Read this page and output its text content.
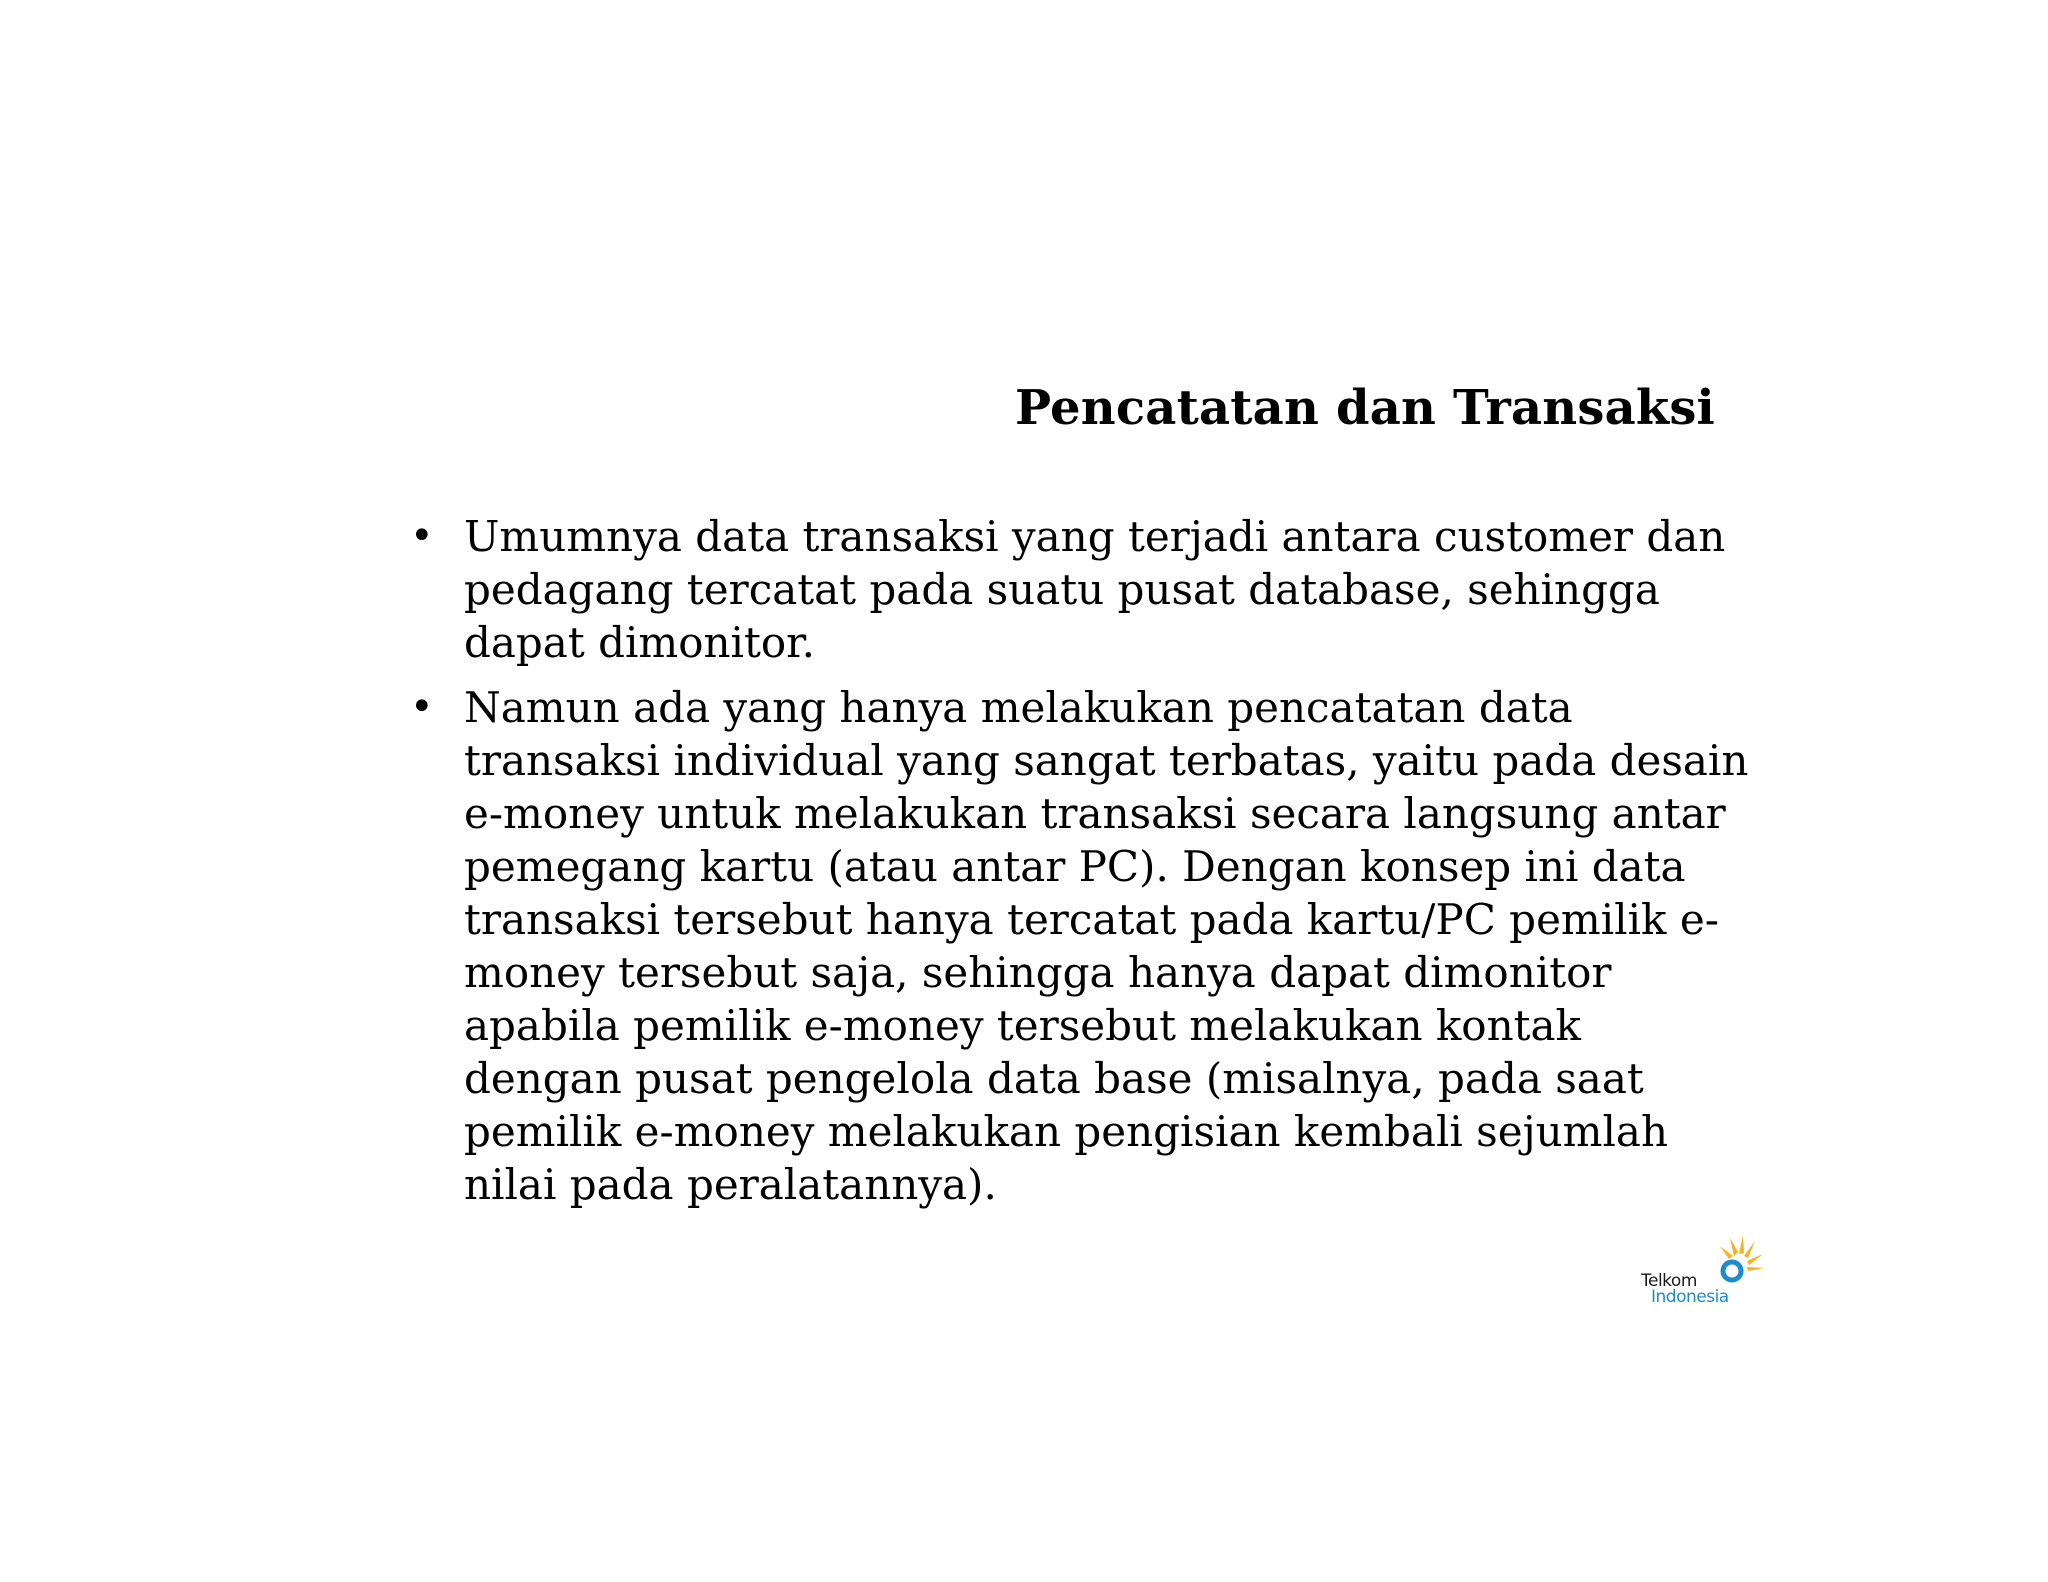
Pencatatan dan Transaksi
• Umumnya data transaksi yang terjadi antara customer dan
pedagang tercatat pada suatu pusat database, sehingga
dapat dimonitor.
• Namun ada yang hanya melakukan pencatatan data
transaksi individual yang sangat terbatas, yaitu pada desain
e-money untuk melakukan transaksi secara langsung antar
pemegang kartu (atau antar PC). Dengan konsep ini data
transaksi tersebut hanya tercatat pada kartu/PC pemilik e-
money tersebut saja, sehingga hanya dapat dimonitor
apabila pemilik e-money tersebut melakukan kontak
dengan pusat pengelola data base (misalnya, pada saat
pemilik e-money melakukan pengisian kembali sejumlah
nilai pada peralatannya).
Telkom
Indonesia
